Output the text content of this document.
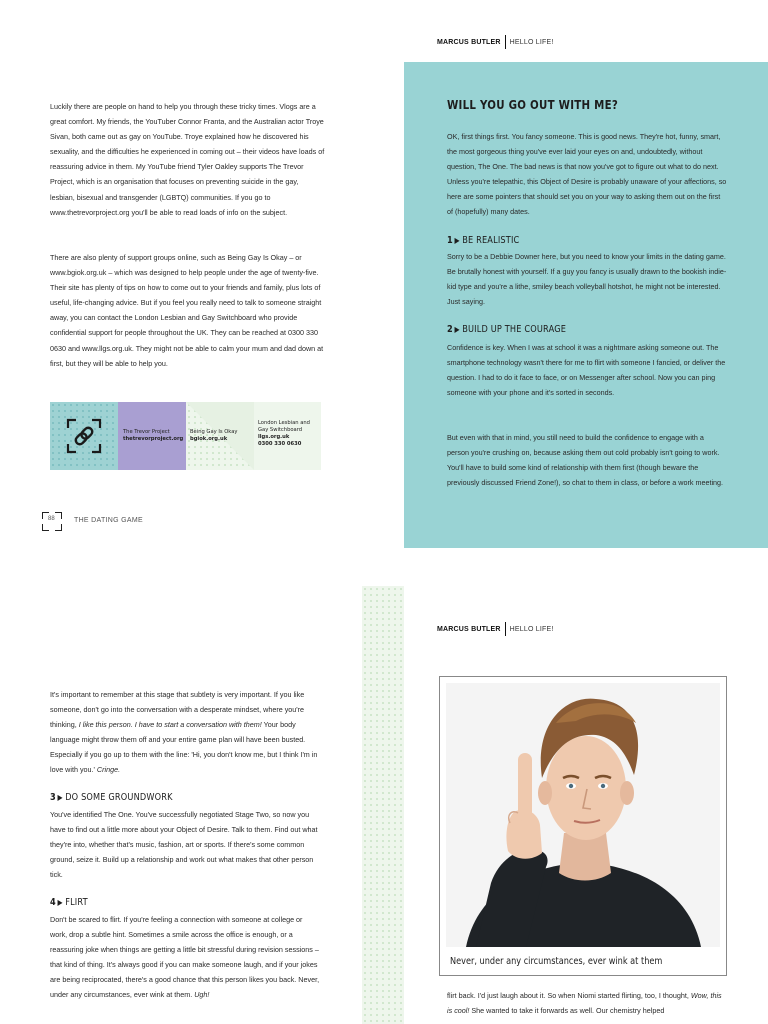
MARCUS BUTLER HELLO LIFE!

Luckily there are people on hand to help you through these tricky times. Vlogs are a great comfort. My friends, the YouTuber Connor Franta, and the Australian actor Troye Sivan, both came out as gay on YouTube. Troye explained how he discovered his sexuality, and the difficulties he experienced in coming out – their videos have loads of reassuring advice in them. My YouTube friend Tyler Oakley supports The Trevor Project, which is an organisation that focuses on preventing suicide in the gay, lesbian, bisexual and transgender (LGBTQ) communities. If you go to www.thetrevorproject.org you'll be able to read loads of info on the subject.

There are also plenty of support groups online, such as Being Gay Is Okay – or www.bgiok.org.uk – which was designed to help people under the age of twenty-five. Their site has plenty of tips on how to come out to your friends and family, plus lots of useful, life-changing advice. But if you feel you really need to talk to someone straight away, you can contact the London Lesbian and Gay Switchboard who provide confidential support for people throughout the UK. They can be reached at 0300 330 0630 and www.llgs.org.uk. They might not be able to calm your mum and dad down at first, but they will be able to help you.

The Trevor Project
thetrevorproject.org
Being Gay Is Okay
bgiok.org.uk
London Lesbian and Gay Switchboard
llgs.org.uk
0300 330 0630
88	THE DATING GAME
WILL YOU GO OUT WITH ME?

OK, first things first. You fancy someone. This is good news. They're hot, funny, smart, the most gorgeous thing you've ever laid your eyes on and, undoubtedly, without question, The One. The bad news is that now you've got to figure out what to do next. Unless you're telepathic, this Object of Desire is probably unaware of your affections, so here are some pointers that should set you on your way to asking them out on the first of (hopefully) many dates.

1 ▶ BE REALISTIC

Sorry to be a Debbie Downer here, but you need to know your limits in the dating game. Be brutally honest with yourself. If a guy you fancy is usually drawn to the bookish indie-kid type and you're a lithe, smiley beach volleyball hotshot, he might not be interested. Just saying.

2 ▶ BUILD UP THE COURAGE

Confidence is key. When I was at school it was a nightmare asking someone out. The smartphone technology wasn't there for me to flirt with someone I fancied, or deliver the question. I had to do it face to face, or on Messenger after school. Now you can ping someone with your phone and it's sorted in seconds.

But even with that in mind, you still need to build the confidence to engage with a person you're crushing on, because asking them out cold probably isn't going to work. You'll have to build some kind of relationship with them first (though beware the previously discussed Friend Zone!), so chat to them in class, or before a work meeting.

MARCUS BUTLER HELLO LIFE!

It's important to remember at this stage that subtlety is very important. If you like someone, don't go into the conversation with a desperate mindset, where you're thinking, I like this person. I have to start a conversation with them! Your body language might throw them off and your entire game plan will have been busted. Especially if you go up to them with the line: 'Hi, you don't know me, but I think I'm in love with you.' Cringe.

3 ▶ DO SOME GROUNDWORK

You've identified The One. You've successfully negotiated Stage Two, so now you have to find out a little more about your Object of Desire. Talk to them. Find out what they're into, whether that's music, fashion, art or sports. If there's some common ground, seize it. Build up a relationship and work out what makes that other person tick.

4 ▶ FLIRT

Don't be scared to flirt. If you're feeling a connection with someone at college or work, drop a subtle hint. Sometimes a smile across the office is enough, or a reassuring joke when things are getting a little bit stressful during revision sessions – that kind of thing. It's always good if you can make someone laugh, and if your jokes are being reciprocated, there's a good chance that this person likes you back. Never, under any circumstances, ever wink at them. Ugh!

Never, under any circumstances, ever wink at them

flirt back. I'd just laugh about it. So when Niomi started flirting, too, I thought, Wow, this is cool! She wanted to take it forwards as well. Our chemistry helped
